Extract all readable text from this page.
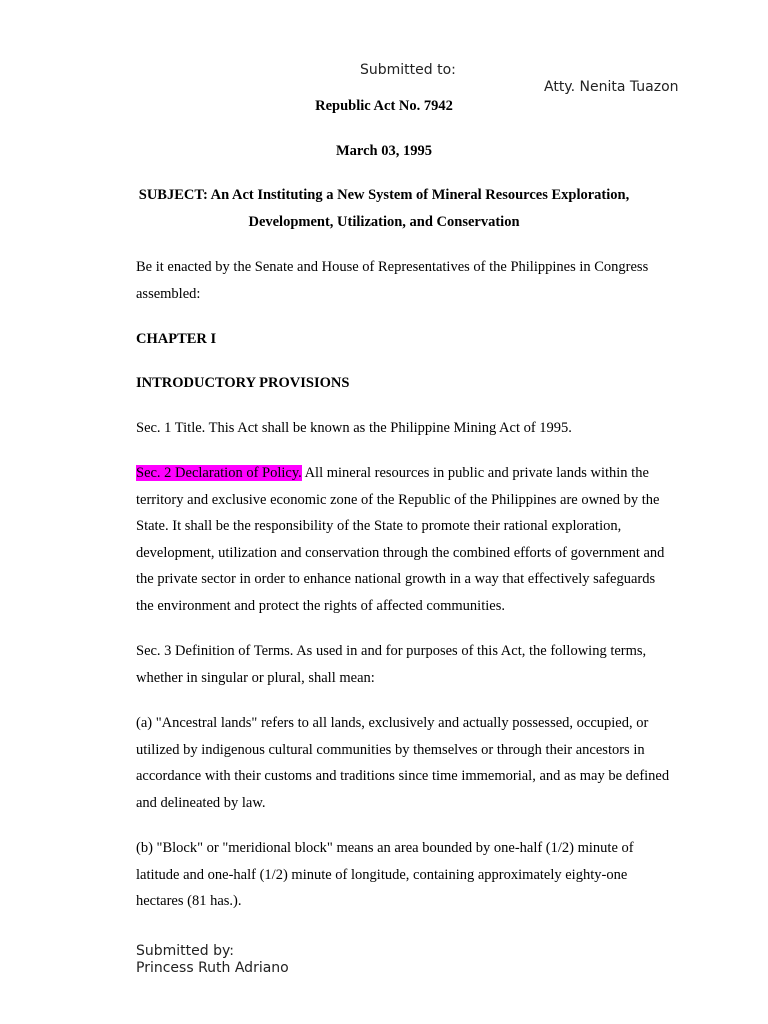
Submitted to:
Atty. Nenita Tuazon
Republic Act No. 7942
March 03, 1995
SUBJECT: An Act Instituting a New System of Mineral Resources Exploration,
Development, Utilization, and Conservation
Be it enacted by the Senate and House of Representatives of the Philippines in Congress assembled:
CHAPTER I
INTRODUCTORY PROVISIONS
Sec. 1 Title. This Act shall be known as the Philippine Mining Act of 1995.
Sec. 2 Declaration of Policy. All mineral resources in public and private lands within the territory and exclusive economic zone of the Republic of the Philippines are owned by the State. It shall be the responsibility of the State to promote their rational exploration, development, utilization and conservation through the combined efforts of government and the private sector in order to enhance national growth in a way that effectively safeguards the environment and protect the rights of affected communities.
Sec. 3 Definition of Terms. As used in and for purposes of this Act, the following terms, whether in singular or plural, shall mean:
(a) "Ancestral lands" refers to all lands, exclusively and actually possessed, occupied, or utilized by indigenous cultural communities by themselves or through their ancestors in accordance with their customs and traditions since time immemorial, and as may be defined and delineated by law.
(b) "Block" or "meridional block" means an area bounded by one-half (1/2) minute of latitude and one-half (1/2) minute of longitude, containing approximately eighty-one hectares (81 has.).
Submitted by:
Princess Ruth Adriano
